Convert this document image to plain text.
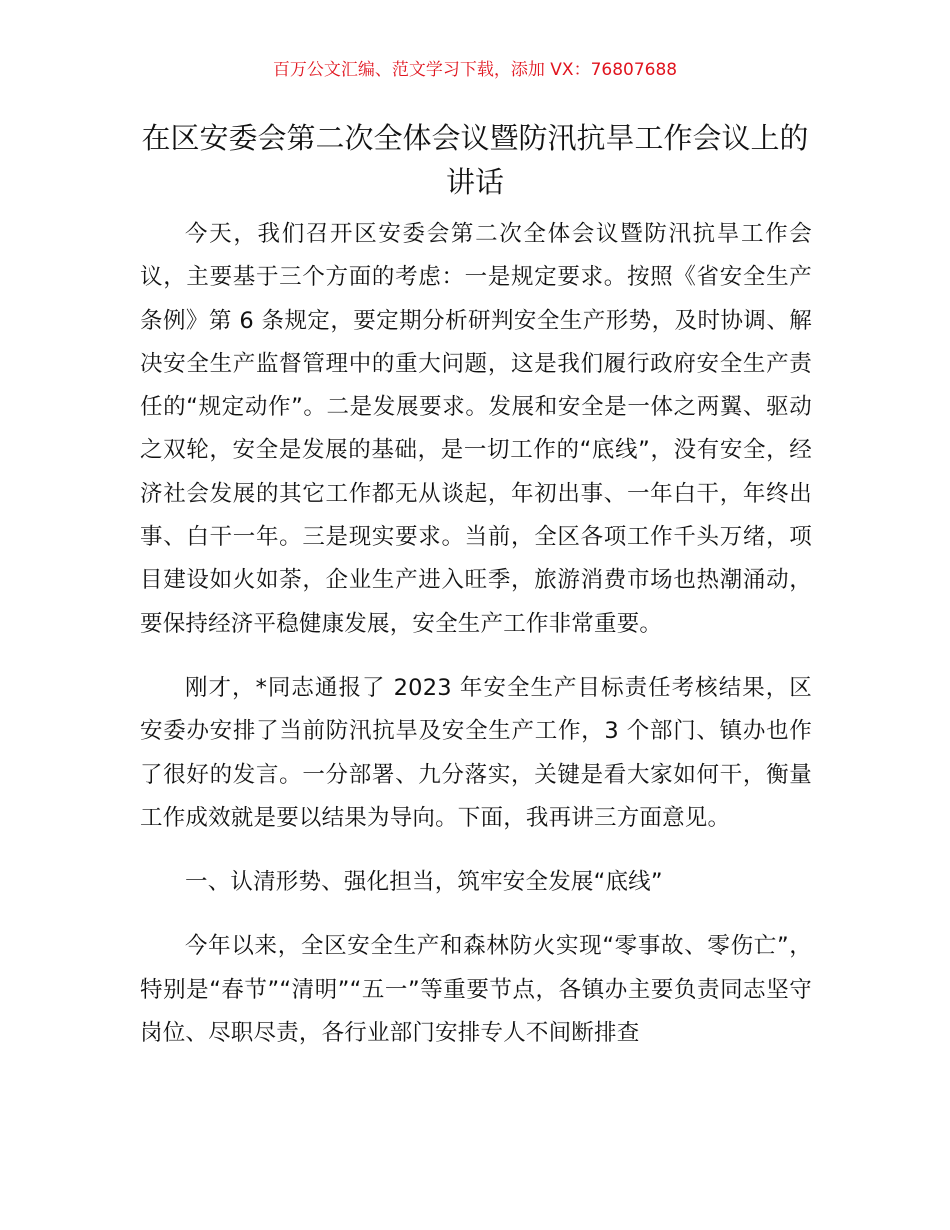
百万公文汇编、范文学习下载，添加 VX：76807688
在区安委会第二次全体会议暨防汛抗旱工作会议上的讲话

今天，我们召开区安委会第二次全体会议暨防汛抗旱工作会议，主要基于三个方面的考虑：一是规定要求。按照《省安全生产条例》第 6 条规定，要定期分析研判安全生产形势，及时协调、解决安全生产监督管理中的重大问题，这是我们履行政府安全生产责任的“规定动作”。二是发展要求。发展和安全是一体之两翼、驱动之双轮，安全是发展的基础，是一切工作的“底线”，没有安全，经济社会发展的其它工作都无从谈起，年初出事、一年白干，年终出事、白干一年。三是现实要求。当前，全区各项工作千头万绪，项目建设如火如荼，企业生产进入旺季，旅游消费市场也热潮涌动，要保持经济平稳健康发展，安全生产工作非常重要。

刚才，*同志通报了 2023 年安全生产目标责任考核结果，区安委办安排了当前防汛抗旱及安全生产工作，3 个部门、镇办也作了很好的发言。一分部署、九分落实，关键是看大家如何干，衡量工作成效就是要以结果为导向。下面，我再讲三方面意见。

一、认清形势、强化担当，筑牢安全发展“底线”

今年以来，全区安全生产和森林防火实现“零事故、零伤亡”，特别是“春节”“清明”“五一”等重要节点，各镇办主要负责同志坚守岗位、尽职尽责，各行业部门安排专人不间断排查
